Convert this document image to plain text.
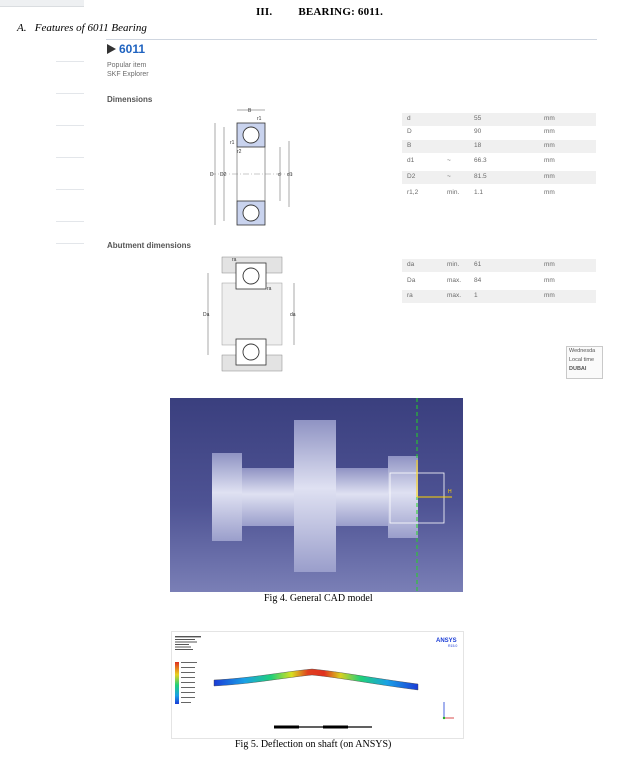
III. BEARING: 6011.
A. Features of 6011 Bearing
6011
Popular item
SKF Explorer
Dimensions
B
r1
r1
r2
D D2	d d1
d	55	mm
D	90	mm
B	18	mm
d1	~	66.3	mm
D2	~	81.5	mm
r1,2	min. 1.1	mm
Abutment dimensions
ra
ra
Da	da
da	min. 61	mm
Da	max. 84	mm
ra	max. 1	mm
Wednesda
Local time
DUBAI
H
Fig 4. General CAD model
ANSYS
R15.0
Fig 5. Deflection on shaft (on ANSYS)
